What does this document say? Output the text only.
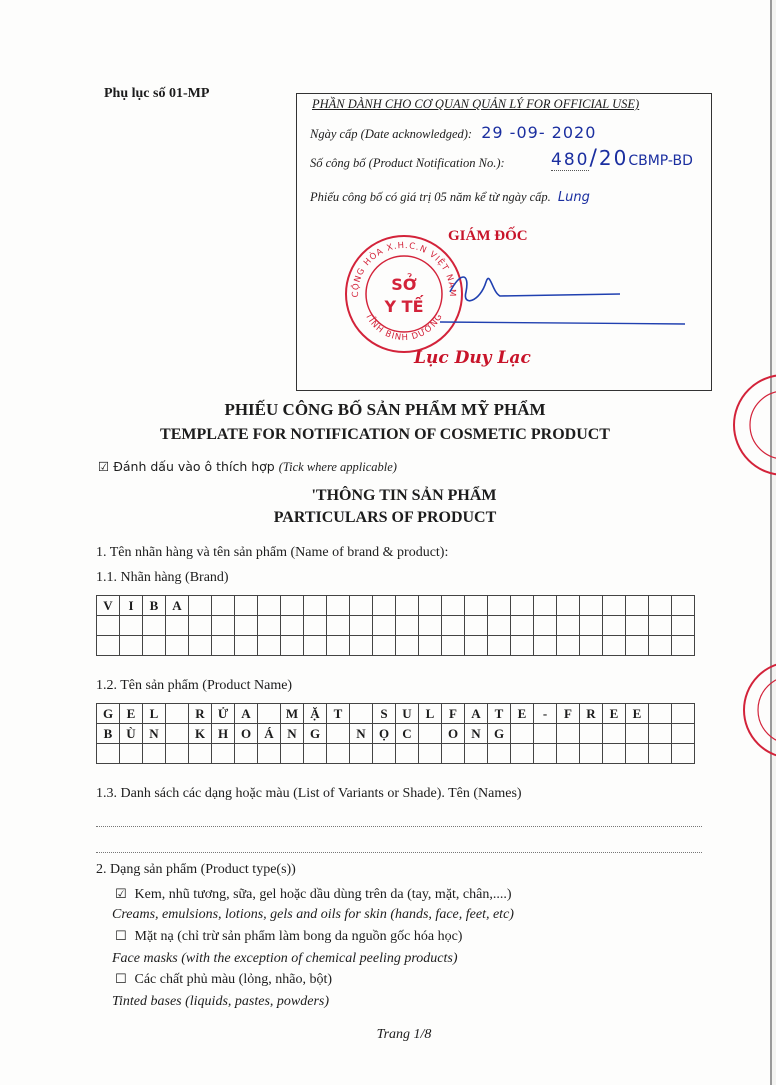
Phụ lục số 01-MP
PHẦN DÀNH CHO CƠ QUAN QUẢN LÝ FOR OFFICIAL USE)
Ngày cấp (Date acknowledged): 29 -09- 2020
Số công bố (Product Notification No.):	480/20CBMP-BD
Phiếu công bố có giá trị 05 năm kể từ ngày cấp. Lung
GIÁM ĐỐC
CỘNG HÒA X.H.C.N VIỆT NAM
TỈNH BÌNH DƯƠNG
SỞ
Y TẾ
Lục Duy Lạc
PHIẾU CÔNG BỐ SẢN PHẨM MỸ PHẨM
TEMPLATE FOR NOTIFICATION OF COSMETIC PRODUCT
☑ Đánh dấu vào ô thích hợp (Tick where applicable)
'THÔNG TIN SẢN PHẨM
PARTICULARS OF PRODUCT
1. Tên nhãn hàng và tên sản phẩm (Name of brand & product):
1.1. Nhãn hàng (Brand)
V	I	B	A																						

1.2. Tên sản phẩm (Product Name)
G	E	L		R	Ử	A		M	Ặ	T		S	U	L	F	A	T	E	-	F	R	E	E		
B	Ù	N		K	H	O	Á	N	G		N	Ọ	C		O	N	G								

1.3. Danh sách các dạng hoặc màu (List of Variants or Shade). Tên (Names)
2. Dạng sản phẩm (Product type(s))
☑ Kem, nhũ tương, sữa, gel hoặc dầu dùng trên da (tay, mặt, chân,....)
Creams, emulsions, lotions, gels and oils for skin (hands, face, feet, etc)
☐ Mặt nạ (chỉ trừ sản phẩm làm bong da nguồn gốc hóa học)
Face masks (with the exception of chemical peeling products)
☐ Các chất phủ màu (lỏng, nhão, bột)
Tinted bases (liquids, pastes, powders)
Trang 1/8
